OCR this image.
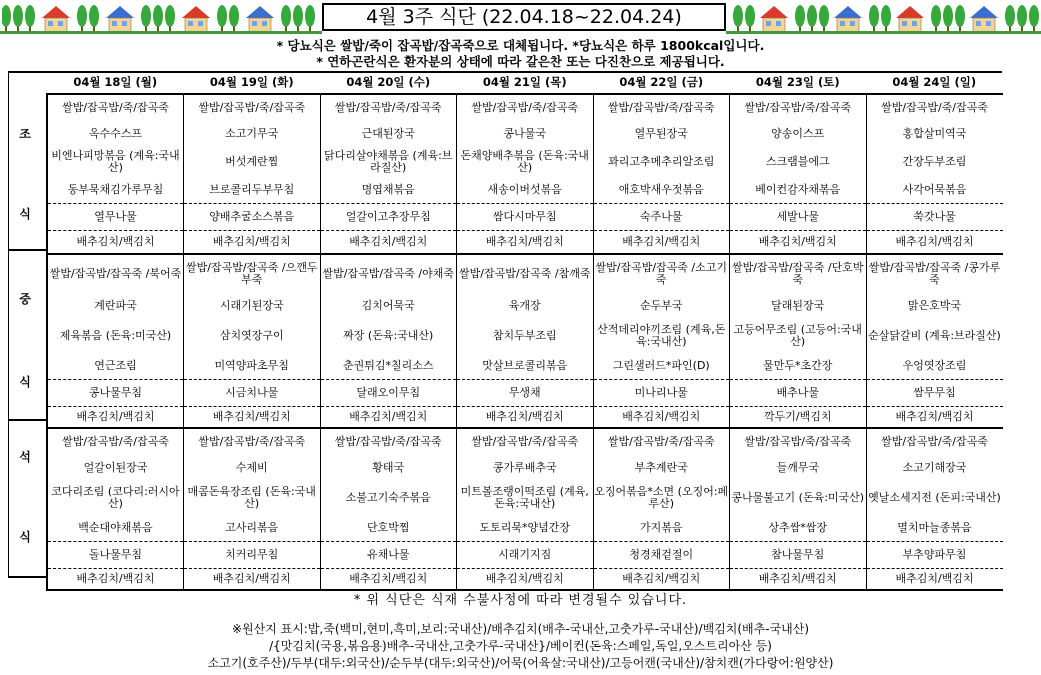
4월 3주 식단 (22.04.18~22.04.24)
* 당뇨식은 쌀밥/죽이 잡곡밥/잡곡죽으로 대체됩니다. *당뇨식은 하루 1800kcal입니다.
* 연하곤란식은 환자분의 상태에 따라 갈은찬 또는 다진찬으로 제공됩니다.
조
식
중
식
석
식
04월 18일 (월)	04월 19일 (화)	04월 20일 (수)	04월 21일 (목)	04월 22일 (금)	04월 23일 (토)	04월 24일 (일)
쌀밥/잡곡밥/죽/잡곡죽	쌀밥/잡곡밥/죽/잡곡죽	쌀밥/잡곡밥/죽/잡곡죽	쌀밥/잡곡밥/죽/잡곡죽	쌀밥/잡곡밥/죽/잡곡죽	쌀밥/잡곡밥/죽/잡곡죽	쌀밥/잡곡밥/죽/잡곡죽
옥수수스프	소고기무국	근대된장국	콩나물국	열무된장국	양송이스프	홍합살미역국
비엔나피망볶음 (계육:국내산)	버섯계란찜	닭다리살야채볶음 (계육:브라질산)	돈채양배추볶음 (돈육:국내산)	꽈리고추메추리알조림	스크램블에그	간장두부조림
동부묵채김가루무침	브로콜리두부무침	명엽채볶음	새송이버섯볶음	애호박새우젓볶음	베이컨감자채볶음	사각어묵볶음
열무나물	양배추굴소스볶음	얼갈이고추장무침	쌈다시마무침	숙주나물	세발나물	쑥갓나물
배추김치/백김치	배추김치/백김치	배추김치/백김치	배추김치/백김치	배추김치/백김치	배추김치/백김치	배추김치/백김치
쌀밥/잡곡밥/잡곡죽 /북어죽	쌀밥/잡곡밥/잡곡죽 /으깬두부죽	쌀밥/잡곡밥/잡곡죽 /야채죽	쌀밥/잡곡밥/잡곡죽 /참깨죽	쌀밥/잡곡밥/잡곡죽 /소고기죽	쌀밥/잡곡밥/잡곡죽 /단호박죽	쌀밥/잡곡밥/잡곡죽 /콩가루죽
계란파국	시래기된장국	김치어묵국	육개장	순두부국	달래된장국	맑은호박국
제육볶음 (돈육:미국산)	삼치엿장구이	짜장 (돈육:국내산)	참치두부조림	산적데리야끼조림 (계육,돈육:국내산)	고등어무조림 (고등어:국내산)	순살닭갈비 (계육:브라질산)
연근조림	미역양파초무침	춘권튀김*칠리소스	맛살브로콜리볶음	그린샐러드*파인(D)	물만두*초간장	우엉엿장조림
콩나물무침	시금치나물	달래오이무침	무생채	미나리나물	배추나물	쌈무무침
배추김치/백김치	배추김치/백김치	배추김치/백김치	배추김치/백김치	배추김치/백김치	깍두기/백김치	배추김치/백김치
쌀밥/잡곡밥/죽/잡곡죽	쌀밥/잡곡밥/죽/잡곡죽	쌀밥/잡곡밥/죽/잡곡죽	쌀밥/잡곡밥/죽/잡곡죽	쌀밥/잡곡밥/죽/잡곡죽	쌀밥/잡곡밥/죽/잡곡죽	쌀밥/잡곡밥/죽/잡곡죽
얼갈이된장국	수제비	황태국	콩가루배추국	부추계란국	들깨무국	소고기해장국
코다리조림 (코다리:러시아산)	매콤돈육장조림 (돈육:국내산)	소불고기숙주볶음	미트볼조랭이떡조림 (계육,돈육:국내산)	오징어볶음*소면 (오징어:페루산)	콩나물불고기 (돈육:미국산)	옛날소세지전 (돈피:국내산)
백순대야채볶음	고사리볶음	단호박찜	도토리묵*양념간장	가지볶음	상추쌈*쌈장	멸치마늘종볶음
돌나물무침	치커리무침	유채나물	시래기지짐	청경채겉절이	참나물무침	부추양파무침
배추김치/백김치	배추김치/백김치	배추김치/백김치	배추김치/백김치	배추김치/백김치	배추김치/백김치	배추김치/백김치
* 위 식단은 식재 수불사정에 따라 변경될수 있습니다.
※원산지 표시:밥,죽(백미,현미,흑미,보리:국내산)/배추김치(배추-국내산,고춧가루-국내산)/백김치(배추-국내산)
/{맛김치(국용,볶음용)배추-국내산,고춧가루-국내산}/베이컨(돈육:스페일,독일,오스트리아산 등)
소고기(호주산)/두부(대두:외국산)/순두부(대두:외국산)/어묵(어육살:국내산)/고등어캔(국내산)/참치캔(가다랑어:원양산)
